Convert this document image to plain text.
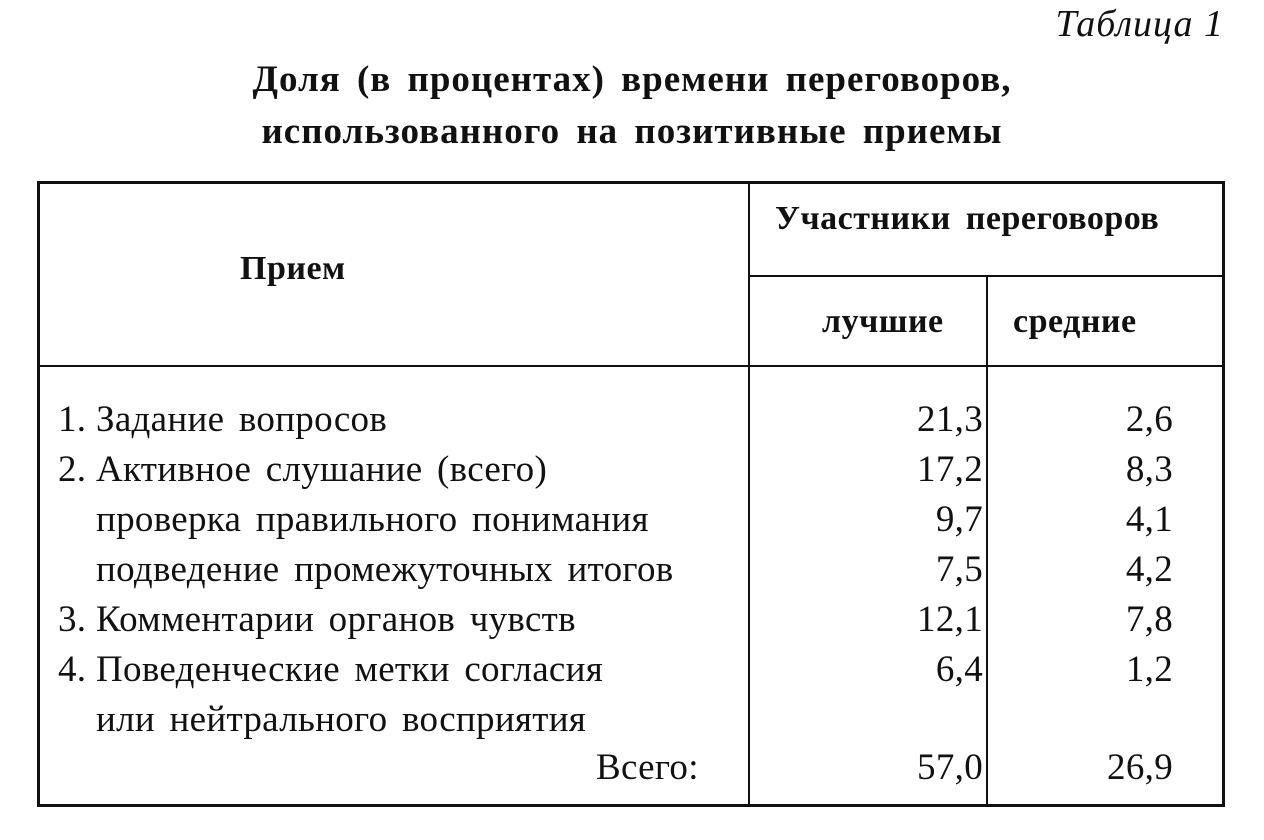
Таблица 1
Доля (в процентах) времени переговоров,
использованного на позитивные приемы
Прием
Участники переговоров
лучшие средние
1. Задание вопросов	21,3	2,6
2. Активное слушание (всего)	17,2	8,3
проверка правильного понимания	9,7	4,1
подведение промежуточных итогов	7,5	4,2
3. Комментарии органов чувств	12,1	7,8
4. Поведенческие метки согласия	6,4	1,2
или нейтрального восприятия
Всего:	57,0	26,9
